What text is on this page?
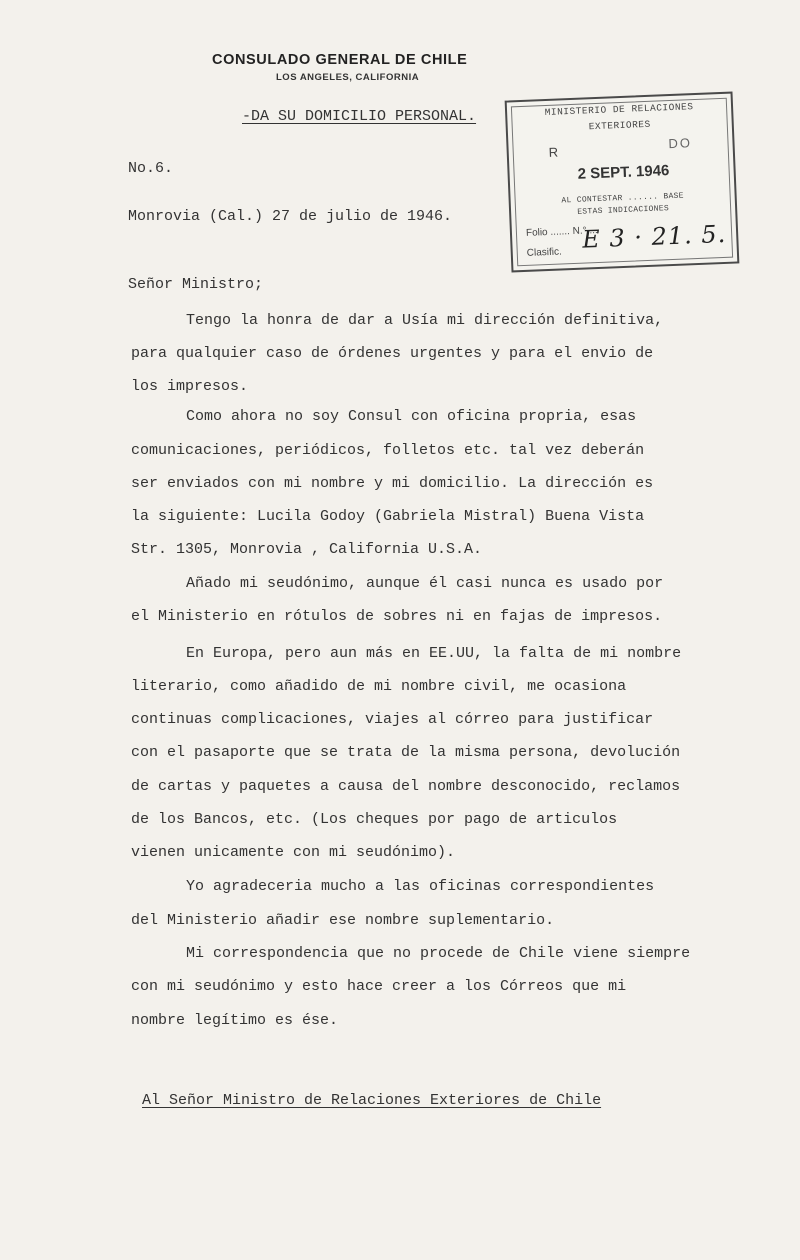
CONSULADO GENERAL DE CHILE
LOS ANGELES, CALIFORNIA
MINISTERIO DE RELACIONES
EXTERIORES
R
DO
2 SEPT. 1946
AL CONTESTAR ...... BASE
ESTAS INDICACIONES
Folio ....... N.° ...
Clasific. E 3 · 21. 5.
-DA SU DOMICILIO PERSONAL.
No.6.
Monrovia (Cal.) 27 de julio de 1946.
Señor Ministro;
Tengo la honra de dar a Usía mi dirección definitiva,
para qualquier caso de órdenes urgentes y para el envio de
los impresos.
Como ahora no soy Consul con oficina propria, esas
comunicaciones, periódicos, folletos etc. tal vez deberán
ser enviados con mi nombre y mi domicilio. La dirección es
la siguiente: Lucila Godoy (Gabriela Mistral) Buena Vista
Str. 1305, Monrovia , California U.S.A.
Añado mi seudónimo, aunque él casi nunca es usado por
el Ministerio en rótulos de sobres ni en fajas de impresos.
En Europa, pero aun más en EE.UU, la falta de mi nombre
literario, como añadido de mi nombre civil, me ocasiona
continuas complicaciones, viajes al córreo para justificar
con el pasaporte que se trata de la misma persona, devolución
de cartas y paquetes a causa del nombre desconocido, reclamos
de los Bancos, etc. (Los cheques por pago de articulos
vienen unicamente con mi seudónimo).
Yo agradeceria mucho a las oficinas correspondientes
del Ministerio añadir ese nombre suplementario.
Mi correspondencia que no procede de Chile viene siempre
con mi seudónimo y esto hace creer a los Córreos que mi
nombre legítimo es ése.
Al Señor Ministro de Relaciones Exteriores de Chile
